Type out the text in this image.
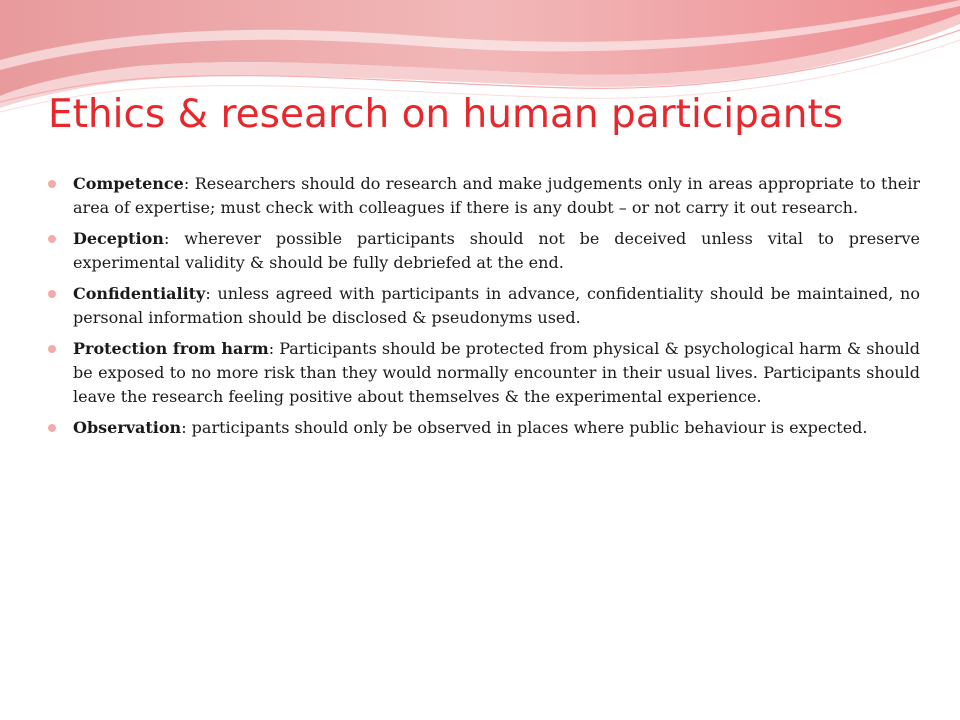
Ethics & research on human participants
Competence: Researchers should do research and make judgements only in areas appropriate to their area of expertise; must check with colleagues if there is any doubt – or not carry it out research.
Deception: wherever possible participants should not be deceived unless vital to preserve experimental validity & should be fully debriefed at the end.
Confidentiality: unless agreed with participants in advance, confidentiality should be maintained, no personal information should be disclosed & pseudonyms used.
Protection from harm: Participants should be protected from physical & psychological harm & should be exposed to no more risk than they would normally encounter in their usual lives. Participants should leave the research feeling positive about themselves & the experimental experience.
Observation: participants should only be observed in places where public behaviour is expected.
